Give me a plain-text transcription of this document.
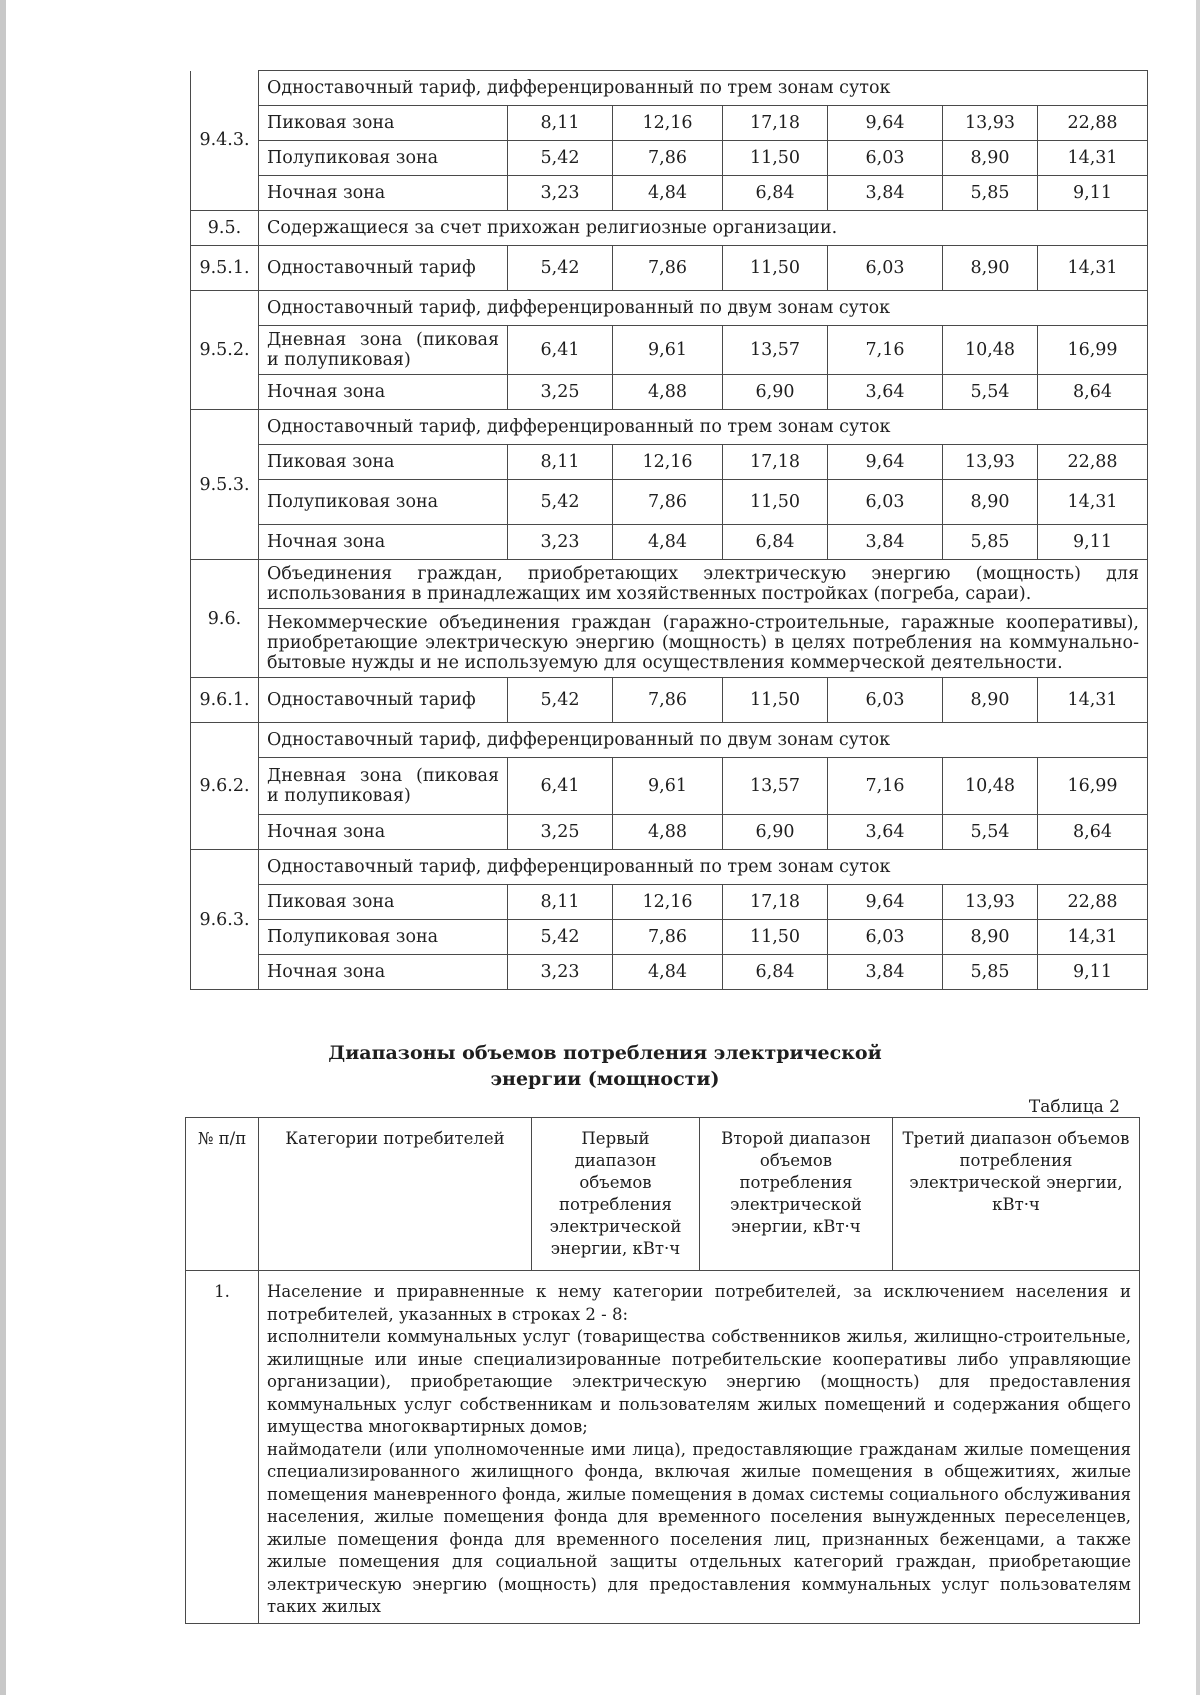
9.4.3.	Одноставочный тариф, дифференцированный по трем зонам суток						
	Пиковая зона	8,11	12,16	17,18	9,64	13,93	22,88
	Полупиковая зона	5,42	7,86	11,50	6,03	8,90	14,31
	Ночная зона	3,23	4,84	6,84	3,84	5,85	9,11
9.5.	Содержащиеся за счет прихожан религиозные организации.						
9.5.1.	Одноставочный тариф	5,42	7,86	11,50	6,03	8,90	14,31
9.5.2.	Одноставочный тариф, дифференцированный по двум зонам суток						
	Дневная зона (пиковая и полупиковая)	6,41	9,61	13,57	7,16	10,48	16,99
	Ночная зона	3,25	4,88	6,90	3,64	5,54	8,64
9.5.3.	Одноставочный тариф, дифференцированный по трем зонам суток						
	Пиковая зона	8,11	12,16	17,18	9,64	13,93	22,88
	Полупиковая зона	5,42	7,86	11,50	6,03	8,90	14,31
	Ночная зона	3,23	4,84	6,84	3,84	5,85	9,11
9.6.	Объединения граждан, приобретающих электрическую энергию (мощность) для использования в принадлежащих им хозяйственных постройках (погреба, сараи).						
	Некоммерческие объединения граждан (гаражно-строительные, гаражные кооперативы), приобретающие электрическую энергию (мощность) в целях потребления на коммунально-бытовые нужды и не используемую для осуществления коммерческой деятельности.						
9.6.1.	Одноставочный тариф	5,42	7,86	11,50	6,03	8,90	14,31
9.6.2.	Одноставочный тариф, дифференцированный по двум зонам суток						
	Дневная зона (пиковая и полупиковая)	6,41	9,61	13,57	7,16	10,48	16,99
	Ночная зона	3,25	4,88	6,90	3,64	5,54	8,64
9.6.3.	Одноставочный тариф, дифференцированный по трем зонам суток						
	Пиковая зона	8,11	12,16	17,18	9,64	13,93	22,88
	Полупиковая зона	5,42	7,86	11,50	6,03	8,90	14,31
	Ночная зона	3,23	4,84	6,84	3,84	5,85	9,11
Диапазоны объемов потребления электрической
энергии (мощности)
Таблица 2
№ п/п	Категории потребителей	Первый диапазон объемов потребления электрической энергии, кВт·ч	Второй диапазон объемов потребления электрической энергии, кВт·ч	Третий диапазон объемов потребления электрической энергии, кВт·ч
1.	Население и приравненные к нему категории потребителей, за исключением населения и потребителей, указанных в строках 2 - 8:

исполнители коммунальных услуг (товарищества собственников жилья, жилищно-строительные, жилищные или иные специализированные потребительские кооперативы либо управляющие организации), приобретающие электрическую энергию (мощность) для предоставления коммунальных услуг собственникам и пользователям жилых помещений и содержания общего имущества многоквартирных домов;

наймодатели (или уполномоченные ими лица), предоставляющие гражданам жилые помещения специализированного жилищного фонда, включая жилые помещения в общежитиях, жилые помещения маневренного фонда, жилые помещения в домах системы социального обслуживания населения, жилые помещения фонда для временного поселения вынужденных переселенцев, жилые помещения фонда для временного поселения лиц, признанных беженцами, а также жилые помещения для социальной защиты отдельных категорий граждан, приобретающие электрическую энергию (мощность) для предоставления коммунальных услуг пользователям таких жилых			
